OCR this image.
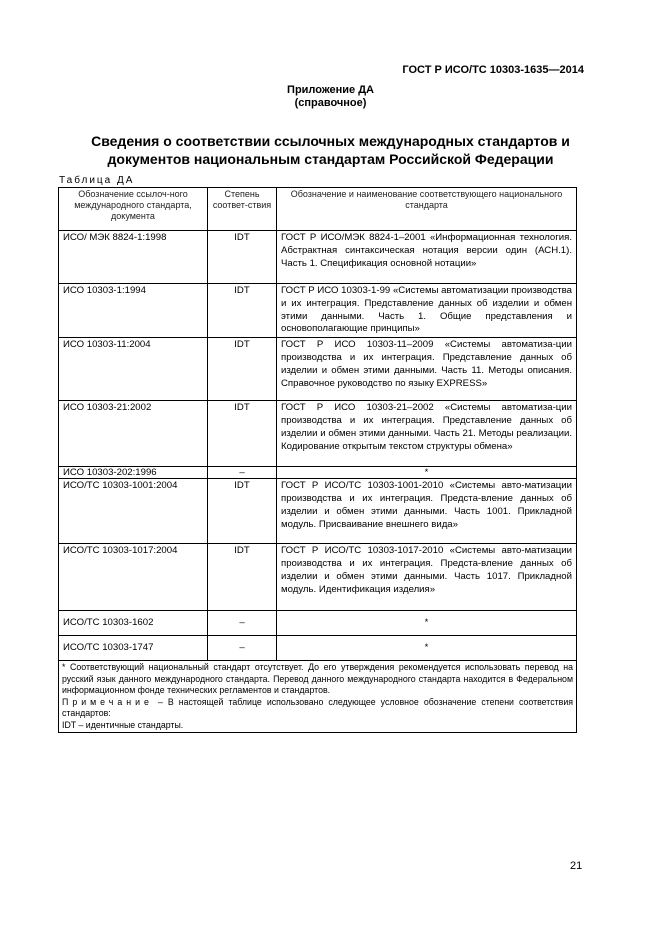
ГОСТ Р ИСО/ТС 10303-1635—2014
Приложение ДА
(справочное)
Сведения о соответствии ссылочных международных стандартов и
документов национальным стандартам Российской Федерации
Таблица ДА
Обозначение ссылоч-ного международного стандарта, документа	Степень соответ-ствия	Обозначение и наименование соответствующего национального стандарта
ИСО/ МЭК 8824-1:1998	IDT	ГОСТ Р ИСО/МЭК 8824-1–2001 «Информационная технология. Абстрактная синтаксическая нотация версии один (АСН.1). Часть 1. Спецификация основной нотации»
ИСО 10303-1:1994	IDT	ГОСТ Р ИСО 10303-1-99 «Системы автоматизации производства и их интеграция. Представление данных об изделии и обмен этими данными. Часть 1. Общие представления и основополагающие принципы»
ИСО 10303-11:2004	IDT	ГОСТ Р ИСО 10303-11–2009 «Системы автоматиза-ции производства и их интеграция. Представление данных об изделии и обмен этими данными. Часть 11. Методы описания. Справочное руководство по языку EXPRESS»
ИСО 10303-21:2002	IDT	ГОСТ Р ИСО 10303-21–2002 «Системы автоматиза-ции производства и их интеграция. Представление данных об изделии и обмен этими данными. Часть 21. Методы реализации. Кодирование открытым текстом структуры обмена»
ИСО 10303-202:1996	–	*
ИСО/ТС 10303-1001:2004	IDT	ГОСТ Р ИСО/ТС 10303-1001-2010 «Системы авто-матизации производства и их интеграция. Предста-вление данных об изделии и обмен этими данными. Часть 1001. Прикладной модуль. Присваивание внешнего вида»
ИСО/ТС 10303-1017:2004	IDT	ГОСТ Р ИСО/ТС 10303-1017-2010 «Системы авто-матизации производства и их интеграция. Предста-вление данных об изделии и обмен этими данными. Часть 1017. Прикладной модуль. Идентификация изделия»
ИСО/ТС 10303-1602	–	*
ИСО/ТС 10303-1747	–	*

* Соответствующий национальный стандарт отсутствует. До его утверждения рекомендуется использовать перевод на русский язык данного международного стандарта. Перевод данного международного стандарта находится в Федеральном информационном фонде технических регламентов и стандартов.
Примечание – В настоящей таблице использовано следующее условное обозначение степени соответствия стандартов:
IDT – идентичные стандарты.		
21
